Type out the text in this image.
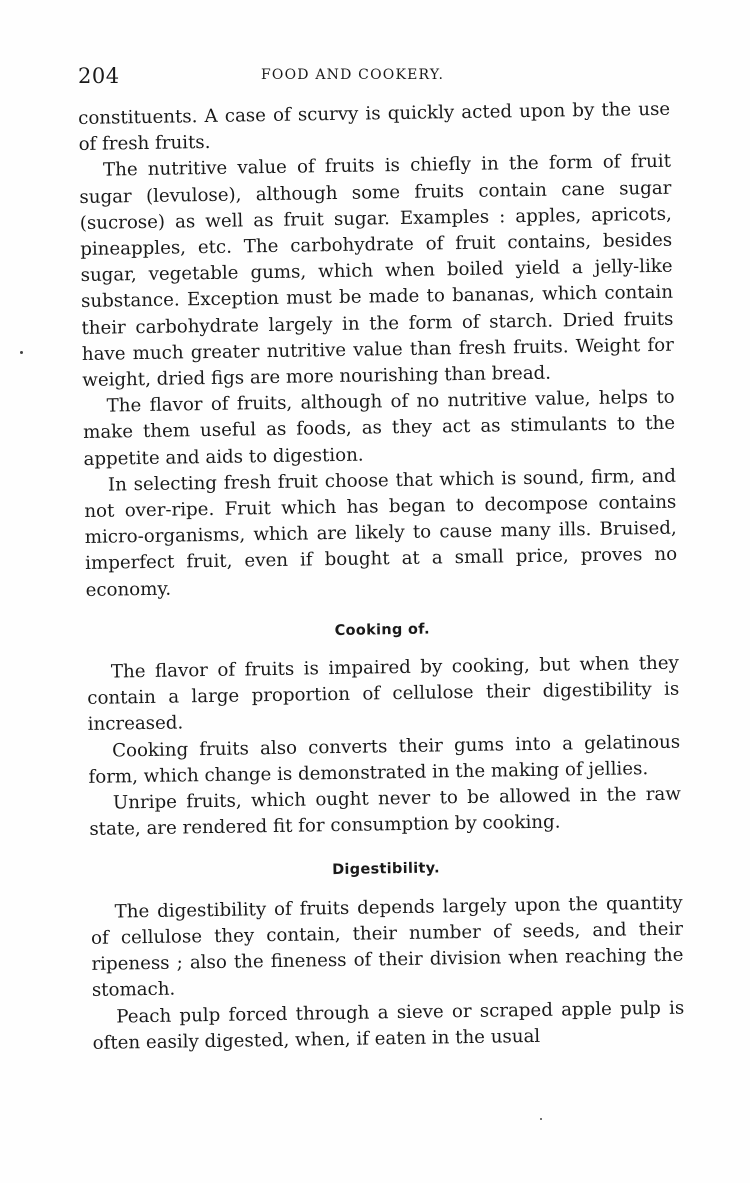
204	FOOD AND COOKERY.

constituents. A case of scurvy is quickly acted upon by the use of fresh fruits.

The nutritive value of fruits is chiefly in the form of fruit sugar (levulose), although some fruits contain cane sugar (sucrose) as well as fruit sugar. Examples : apples, apricots, pineapples, etc. The carbohydrate of fruit contains, besides sugar, vegetable gums, which when boiled yield a jelly-like substance. Exception must be made to bananas, which contain their carbohydrate largely in the form of starch. Dried fruits have much greater nutritive value than fresh fruits. Weight for weight, dried figs are more nourishing than bread.

The flavor of fruits, although of no nutritive value, helps to make them useful as foods, as they act as stimulants to the appetite and aids to digestion.

In selecting fresh fruit choose that which is sound, firm, and not over-ripe. Fruit which has began to decompose contains micro-organisms, which are likely to cause many ills. Bruised, imperfect fruit, even if bought at a small price, proves no economy.

Cooking of.

The flavor of fruits is impaired by cooking, but when they contain a large proportion of cellulose their digestibility is increased.

Cooking fruits also converts their gums into a gelatinous form, which change is demonstrated in the making of jellies.

Unripe fruits, which ought never to be allowed in the raw state, are rendered fit for consumption by cooking.

Digestibility.

The digestibility of fruits depends largely upon the quantity of cellulose they contain, their number of seeds, and their ripeness ; also the fineness of their division when reaching the stomach.

Peach pulp forced through a sieve or scraped apple pulp is often easily digested, when, if eaten in the usual
